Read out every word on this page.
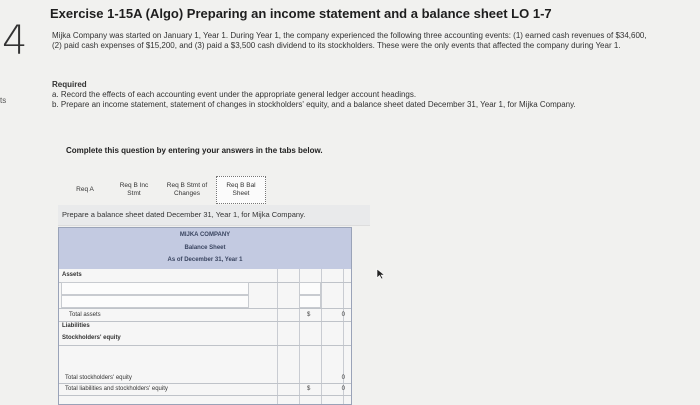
4
ts
Exercise 1-15A (Algo) Preparing an income statement and a balance sheet LO 1-7
Mijka Company was started on January 1, Year 1. During Year 1, the company experienced the following three accounting events: (1) earned cash revenues of $34,600, (2) paid cash expenses of $15,200, and (3) paid a $3,500 cash dividend to its stockholders. These were the only events that affected the company during Year 1.
Required
a. Record the effects of each accounting event under the appropriate general ledger account headings.
b. Prepare an income statement, statement of changes in stockholders' equity, and a balance sheet dated December 31, Year 1, for Mijka Company.
Complete this question by entering your answers in the tabs below.
Req A
Req B Inc
Stmt
Req B Stmt of
Changes
Req B Bal
Sheet
Prepare a balance sheet dated December 31, Year 1, for Mijka Company.
MIJKA COMPANY
Balance Sheet
As of December 31, Year 1
Assets
Total assets	$	0
Liabilities
Stockholders' equity
Total stockholders' equity	0
Total liabilities and stockholders' equity	$	0
